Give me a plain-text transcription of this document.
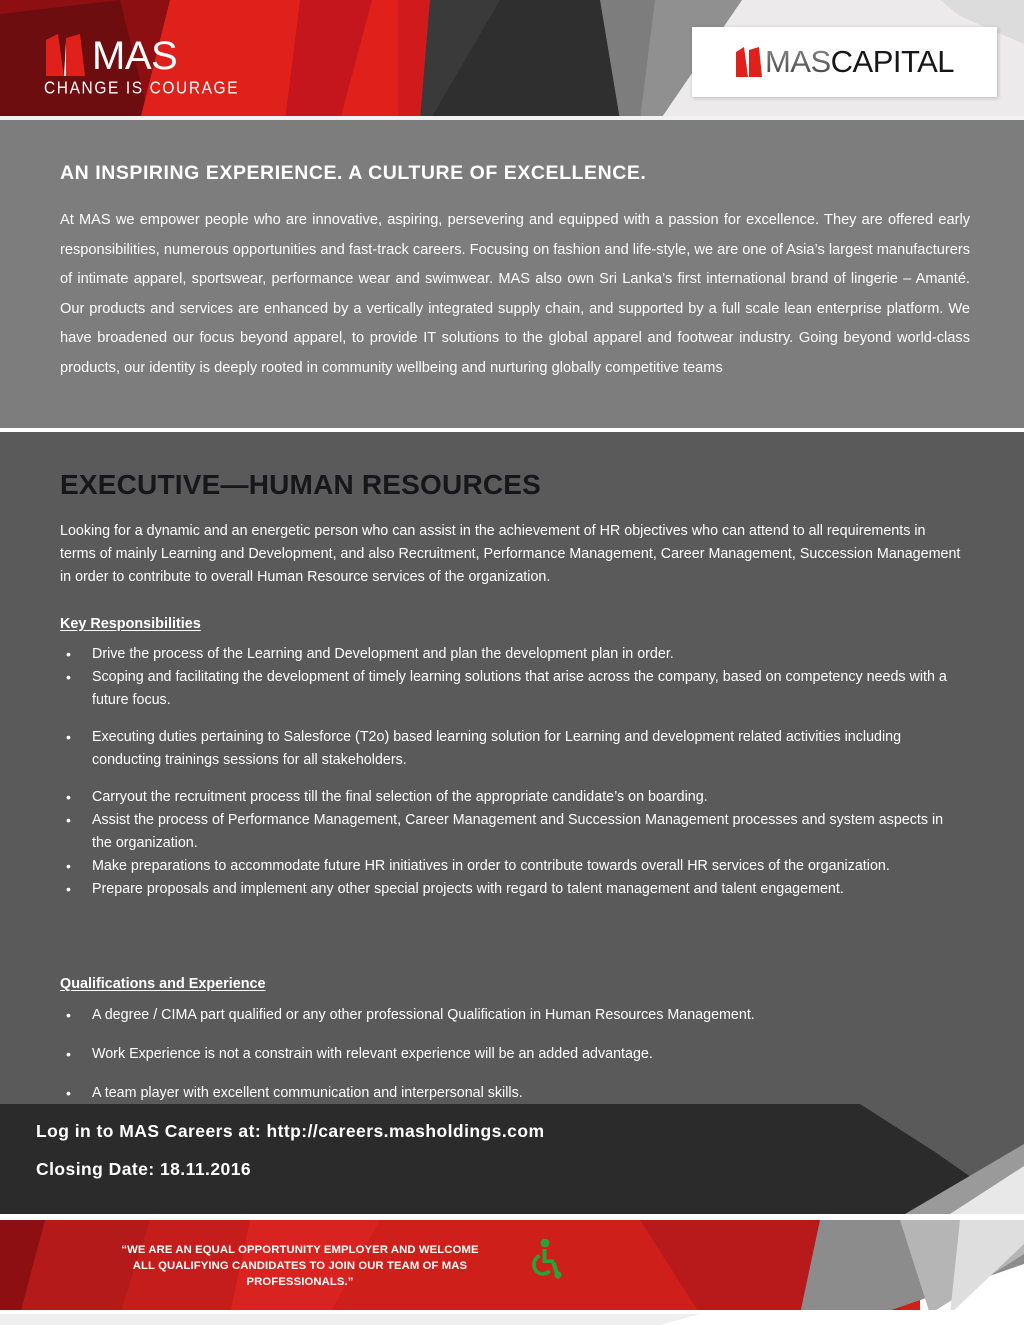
MAS
CHANGE IS COURAGE
MAS CAPITAL
AN INSPIRING EXPERIENCE. A CULTURE OF EXCELLENCE.
At MAS we empower people who are innovative, aspiring, persevering and equipped with a passion for excellence. They are offered early responsibilities, numerous opportunities and fast-track careers. Focusing on fashion and life-style, we are one of Asia’s largest manufacturers of intimate apparel, sportswear, performance wear and swimwear. MAS also own Sri Lanka’s first international brand of lingerie – Amanté. Our products and services are enhanced by a vertically integrated supply chain, and supported by a full scale lean enterprise platform. We have broadened our focus beyond apparel, to provide IT solutions to the global apparel and footwear industry. Going beyond world-class products, our identity is deeply rooted in community wellbeing and nurturing globally competitive teams
EXECUTIVE—HUMAN RESOURCES
Looking for a dynamic and an energetic person who can assist in the achievement of HR objectives who can attend to all requirements in terms of mainly Learning and Development, and also Recruitment, Performance Management, Career Management, Succession Management in order to contribute to overall Human Resource services of the organization.
Key Responsibilities
• Drive the process of the Learning and Development and plan the development plan in order.
• Scoping and facilitating the development of timely learning solutions that arise across the company, based on competency needs with a future focus.
• Executing duties pertaining to Salesforce (T2o) based learning solution for Learning and development related activities including conducting trainings sessions for all stakeholders.
• Carryout the recruitment process till the final selection of the appropriate candidate’s on boarding.
• Assist the process of Performance Management, Career Management and Succession Management processes and system aspects in the organization.
• Make preparations to accommodate future HR initiatives in order to contribute towards overall HR services of the organization.
• Prepare proposals and implement any other special projects with regard to talent management and talent engagement.
Qualifications and Experience
• A degree / CIMA part qualified or any other professional Qualification in Human Resources Management.
• Work Experience is not a constrain with relevant experience will be an added advantage.
• A team player with excellent communication and interpersonal skills.
Log in to MAS Careers at: http://careers.masholdings.com
Closing Date: 18.11.2016
“WE ARE AN EQUAL OPPORTUNITY EMPLOYER AND WELCOME
ALL QUALIFYING CANDIDATES TO JOIN OUR TEAM OF MAS PROFESSIONALS.”
